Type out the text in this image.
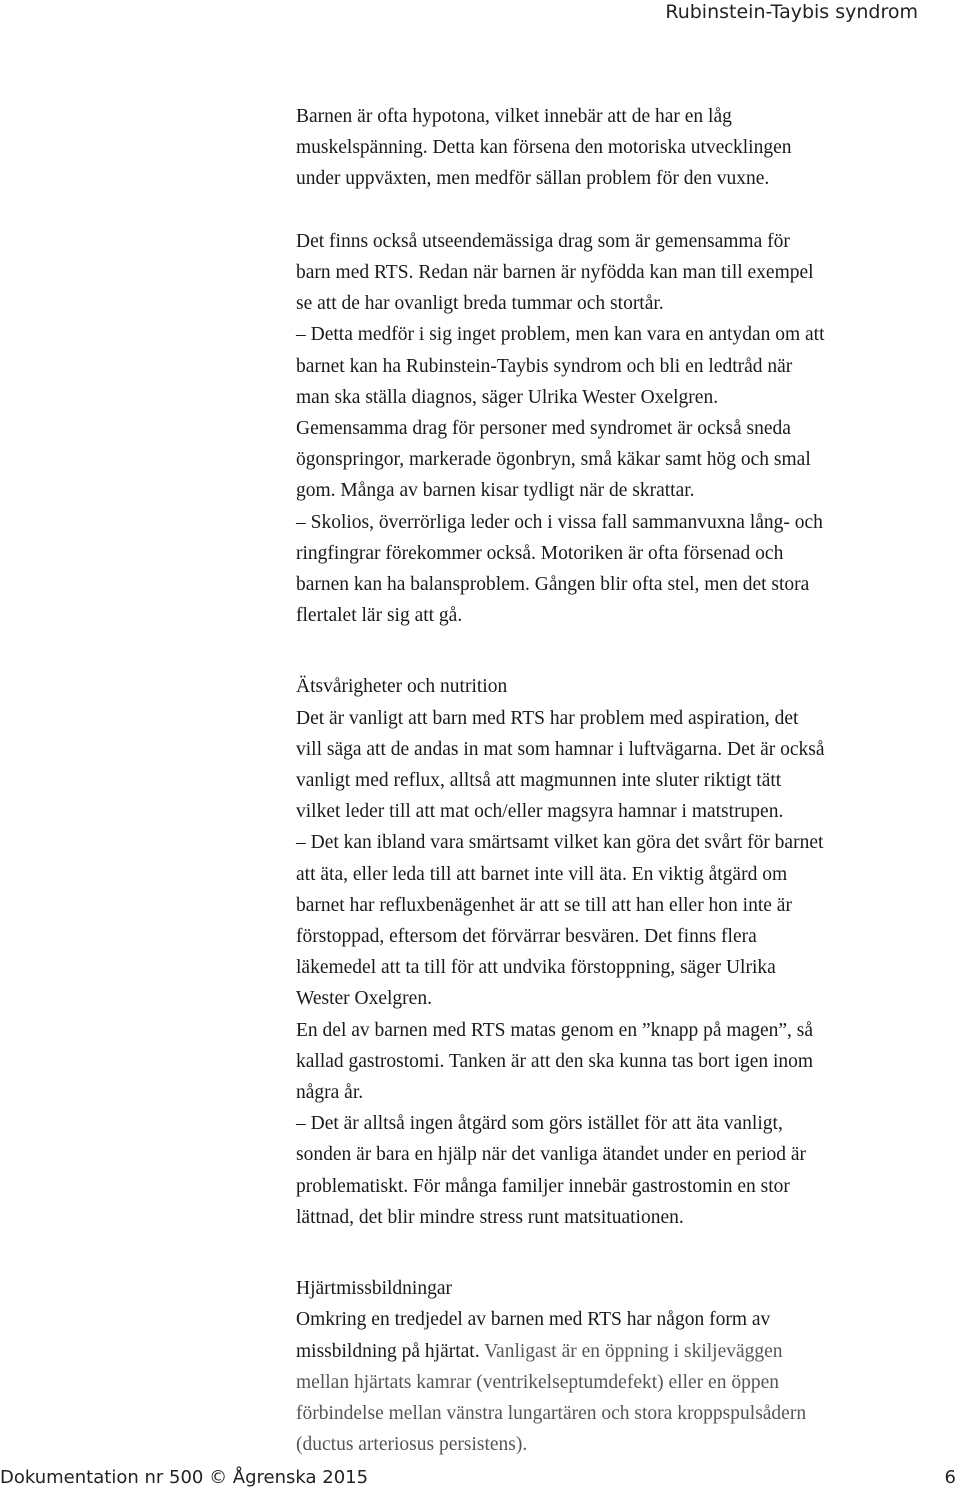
Rubinstein-Taybis syndrom
Barnen är ofta hypotona, vilket innebär att de har en låg
muskelspänning. Detta kan försena den motoriska utvecklingen
under uppväxten, men medför sällan problem för den vuxne.
Det finns också utseendemässiga drag som är gemensamma för
barn med RTS. Redan när barnen är nyfödda kan man till exempel
se att de har ovanligt breda tummar och stortår.
– Detta medför i sig inget problem, men kan vara en antydan om att
barnet kan ha Rubinstein-Taybis syndrom och bli en ledtråd när
man ska ställa diagnos, säger Ulrika Wester Oxelgren.
Gemensamma drag för personer med syndromet är också sneda
ögonspringor, markerade ögonbryn, små käkar samt hög och smal
gom. Många av barnen kisar tydligt när de skrattar.
– Skolios, överrörliga leder och i vissa fall sammanvuxna lång- och
ringfingrar förekommer också. Motoriken är ofta försenad och
barnen kan ha balansproblem. Gången blir ofta stel, men det stora
flertalet lär sig att gå.
Ätsvårigheter och nutrition
Det är vanligt att barn med RTS har problem med aspiration, det
vill säga att de andas in mat som hamnar i luftvägarna. Det är också
vanligt med reflux, alltså att magmunnen inte sluter riktigt tätt
vilket leder till att mat och/eller magsyra hamnar i matstrupen.
– Det kan ibland vara smärtsamt vilket kan göra det svårt för barnet
att äta, eller leda till att barnet inte vill äta. En viktig åtgärd om
barnet har refluxbenägenhet är att se till att han eller hon inte är
förstoppad, eftersom det förvärrar besvären. Det finns flera
läkemedel att ta till för att undvika förstoppning, säger Ulrika
Wester Oxelgren.
En del av barnen med RTS matas genom en ”knapp på magen”, så
kallad gastrostomi. Tanken är att den ska kunna tas bort igen inom
några år.
– Det är alltså ingen åtgärd som görs istället för att äta vanligt,
sonden är bara en hjälp när det vanliga ätandet under en period är
problematiskt. För många familjer innebär gastrostomin en stor
lättnad, det blir mindre stress runt matsituationen.
Hjärtmissbildningar
Omkring en tredjedel av barnen med RTS har någon form av
missbildning på hjärtat. Vanligast är en öppning i skiljeväggen
mellan hjärtats kamrar (ventrikelseptumdefekt) eller en öppen
förbindelse mellan vänstra lungartären och stora kroppspulsådern
(ductus arteriosus persistens).
Dokumentation nr 500 © Ågrenska 2015	6
